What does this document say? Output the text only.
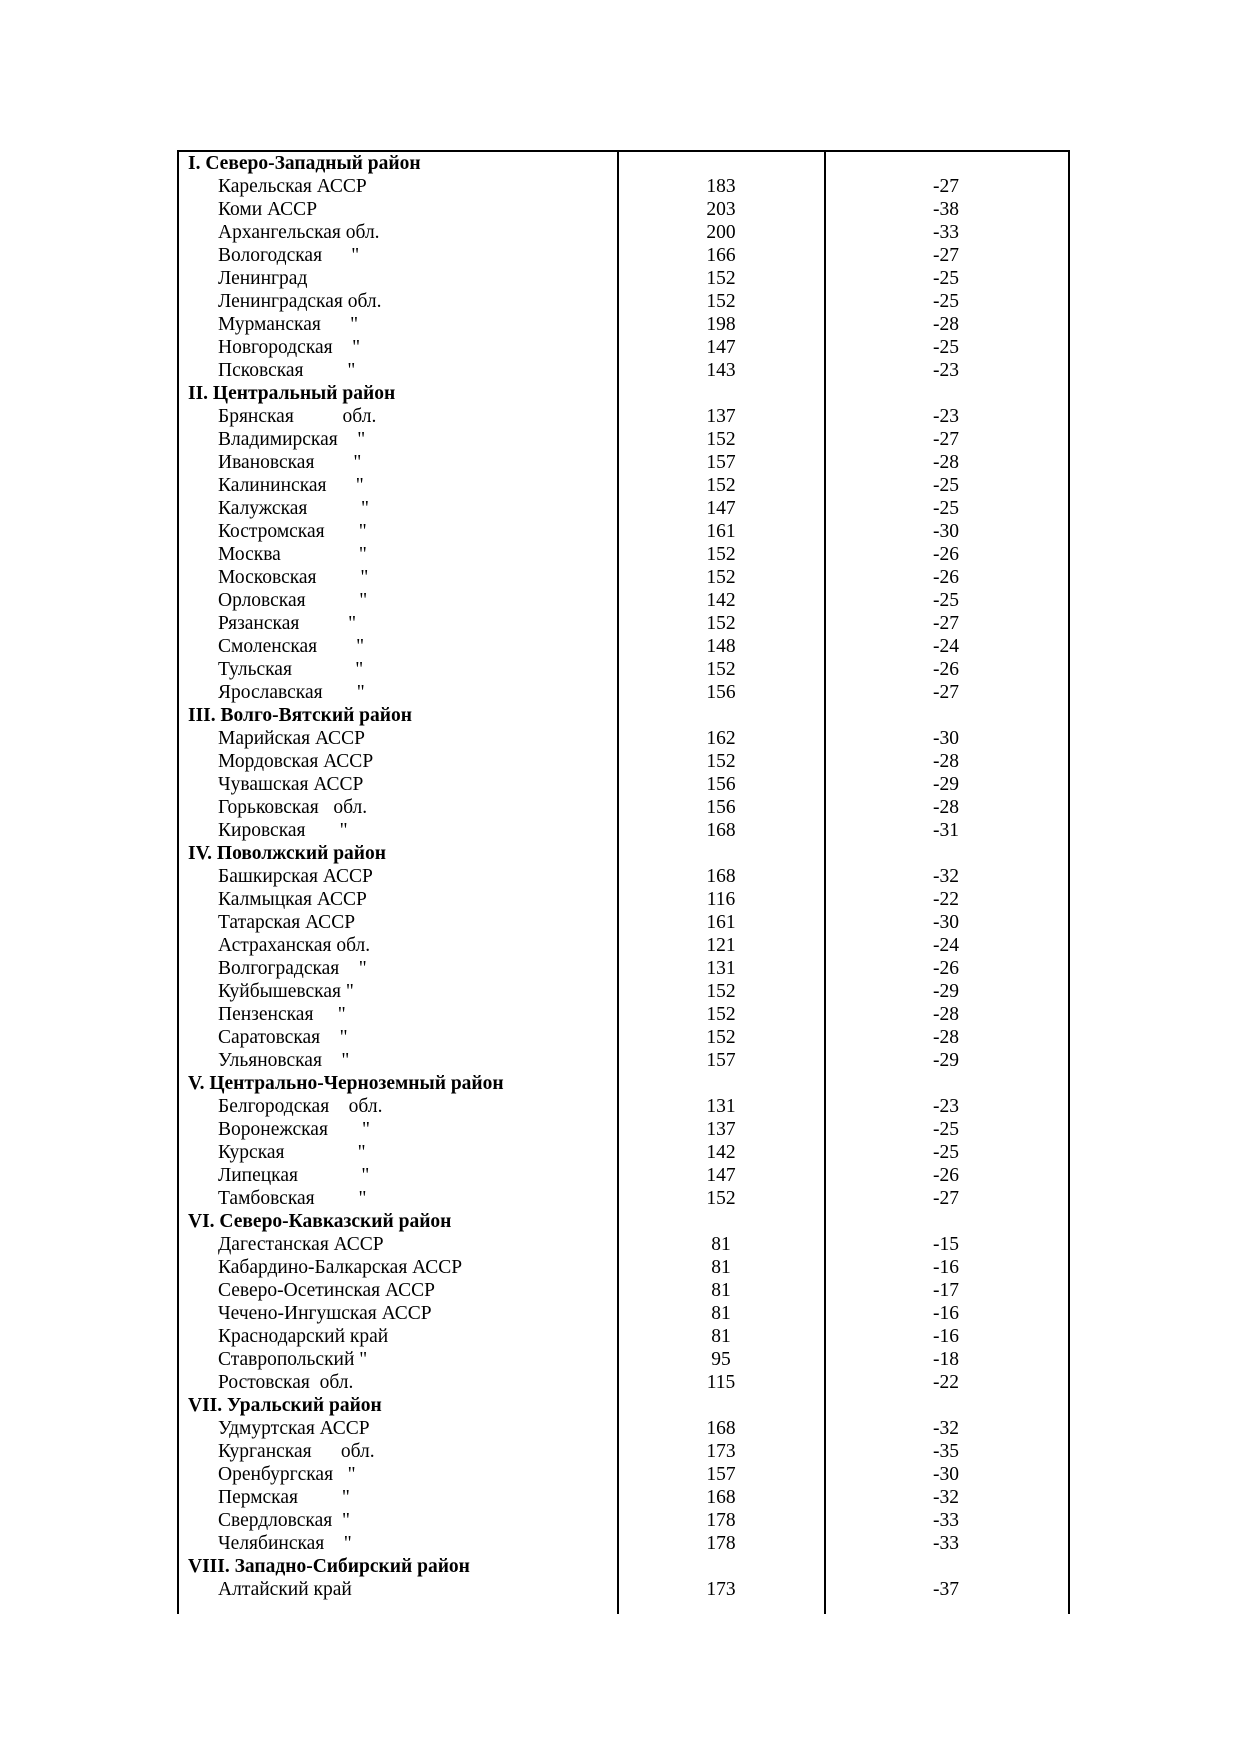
I. Северо-Западный район
Карельская АССР	183	-27
Коми АССР	203	-38
Архангельская обл.	200	-33
Вологодская      "	166	-27
Ленинград	152	-25
Ленинградская обл.	152	-25
Мурманская      "	198	-28
Новгородская    "	147	-25
Псковская         "	143	-23
II. Центральный район
Брянская          обл.	137	-23
Владимирская    "	152	-27
Ивановская        "	157	-28
Калининская      "	152	-25
Калужская           "	147	-25
Костромская       "	161	-30
Москва                "	152	-26
Московская         "	152	-26
Орловская           "	142	-25
Рязанская          "	152	-27
Смоленская        "	148	-24
Тульская             "	152	-26
Ярославская       "	156	-27
III. Волго-Вятский район
Марийская АССР	162	-30
Мордовская АССР	152	-28
Чувашская АССР	156	-29
Горьковская   обл.	156	-28
Кировская       "	168	-31
IV. Поволжский район
Башкирская АССР	168	-32
Калмыцкая АССР	116	-22
Татарская АССР	161	-30
Астраханская обл.	121	-24
Волгоградская    "	131	-26
Куйбышевская "	152	-29
Пензенская     "	152	-28
Саратовская    "	152	-28
Ульяновская    "	157	-29
V. Центрально-Черноземный район
Белгородская    обл.	131	-23
Воронежская       "	137	-25
Курская               "	142	-25
Липецкая             "	147	-26
Тамбовская         "	152	-27
VI. Северо-Кавказский район
Дагестанская АССР	81	-15
Кабардино-Балкарская АССР	81	-16
Северо-Осетинская АССР	81	-17
Чечено-Ингушская АССР	81	-16
Краснодарский край	81	-16
Ставропольский "	95	-18
Ростовская  обл.	115	-22
VII. Уральский район
Удмуртская АССР	168	-32
Курганская      обл.	173	-35
Оренбургская   "	157	-30
Пермская         "	168	-32
Свердловская  "	178	-33
Челябинская    "	178	-33
VIII. Западно-Сибирский район
Алтайский край	173	-37
